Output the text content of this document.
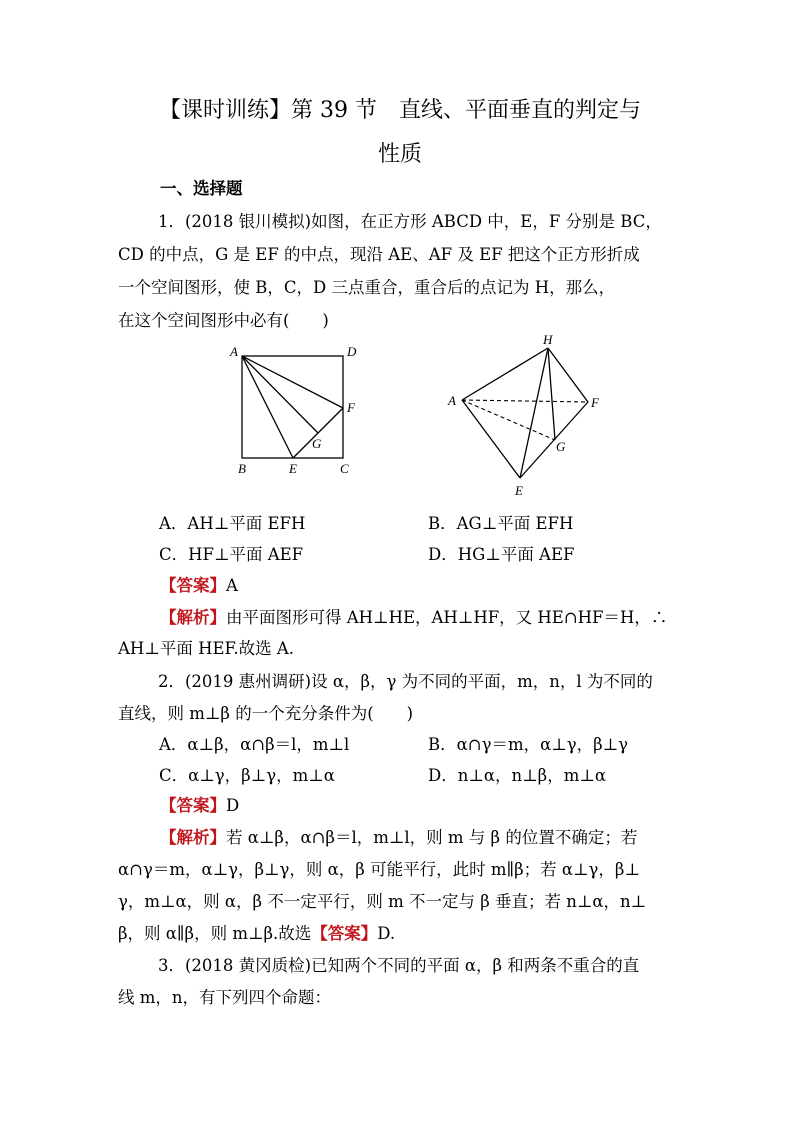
【课时训练】第 39 节　直线、平面垂直的判定与
性质
一、选择题
1．(2018 银川模拟)如图，在正方形 ABCD 中，E，F 分别是 BC，
CD 的中点，G 是 EF 的中点，现沿 AE、AF 及 EF 把这个正方形折成
一个空间图形，使 B，C，D 三点重合，重合后的点记为 H，那么，
在这个空间图形中必有(　　)
A	D
F
G
B	E	C
H
A	F
G
E
A．AH⊥平面 EFH	B．AG⊥平面 EFH
C．HF⊥平面 AEF	D．HG⊥平面 AEF
【答案】A
【解析】由平面图形可得 AH⊥HE，AH⊥HF，又 HE∩HF＝H，∴
AH⊥平面 HEF.故选 A.
2．(2019 惠州调研)设 α，β，γ 为不同的平面，m，n，l 为不同的
直线，则 m⊥β 的一个充分条件为(　　)
A．α⊥β，α∩β＝l，m⊥l	B．α∩γ＝m，α⊥γ，β⊥γ
C．α⊥γ，β⊥γ，m⊥α	D．n⊥α，n⊥β，m⊥α
【答案】D
【解析】若 α⊥β，α∩β＝l，m⊥l，则 m 与 β 的位置不确定；若
α∩γ＝m，α⊥γ，β⊥γ，则 α，β 可能平行，此时 m∥β；若 α⊥γ，β⊥
γ，m⊥α，则 α，β 不一定平行，则 m 不一定与 β 垂直；若 n⊥α，n⊥
β，则 α∥β，则 m⊥β.故选【答案】D.
3．(2018 黄冈质检)已知两个不同的平面 α，β 和两条不重合的直
线 m，n，有下列四个命题：
